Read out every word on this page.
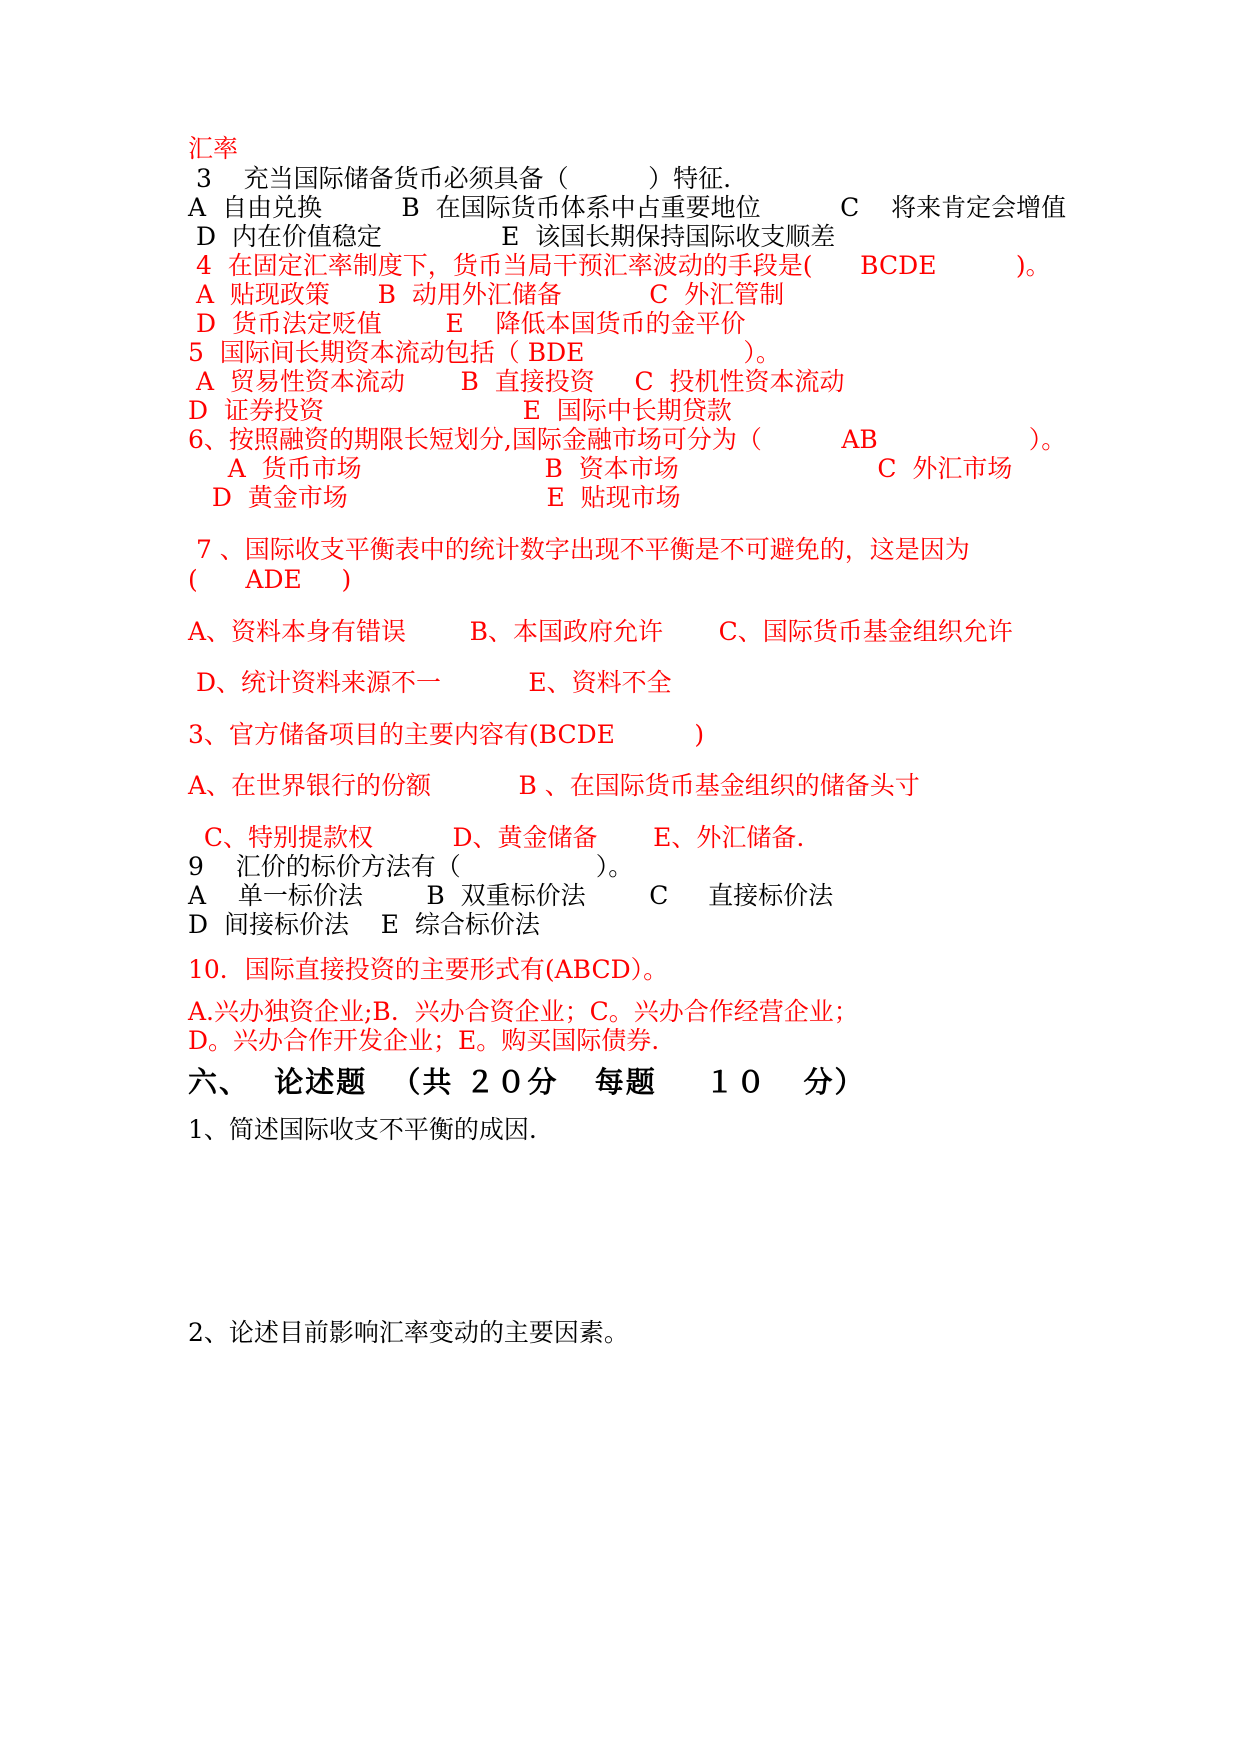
汇率
3    充当国际储备货币必须具备（          ）特征.
A  自由兑换          B  在国际货币体系中占重要地位          C    将来肯定会增值
D  内在价值稳定               E  该国长期保持国际收支顺差
4  在固定汇率制度下，货币当局干预汇率波动的手段是(      BCDE          )。
A  贴现政策      B  动用外汇储备           C  外汇管制
D  货币法定贬值        E    降低本国货币的金平价
5  国际间长期资本流动包括（ BDE                    ）。
A  贸易性资本流动       B  直接投资     C  投机性资本流动
D  证券投资                         E  国际中长期贷款
6、按照融资的期限长短划分,国际金融市场可分为（          AB                   ）。
A  货币市场                       B  资本市场                         C  外汇市场
D  黄金市场                         E  贴现市场
7 、国际收支平衡表中的统计数字出现不平衡是不可避免的，这是因为
(      ADE     )
A、资料本身有错误        B、本国政府允许       C、国际货币基金组织允许
D、统计资料来源不一           E、资料不全
3、官方储备项目的主要内容有(BCDE          )
A、在世界银行的份额           B 、在国际货币基金组织的储备头寸
C、特别提款权          D、黄金储备       E、外汇储备.
9    汇价的标价方法有（                 ）。
A    单一标价法        B  双重标价法        C     直接标价法
D  间接标价法    E  综合标价法
10．国际直接投资的主要形式有(ABCD）。
A.兴办独资企业;B.  兴办合资企业；C。兴办合作经营企业；
D。兴办合作开发企业；E。购买国际债券.
六、  论述题  （共 ２０分   每题    １０   分）
1、简述国际收支不平衡的成因.
2、论述目前影响汇率变动的主要因素。
